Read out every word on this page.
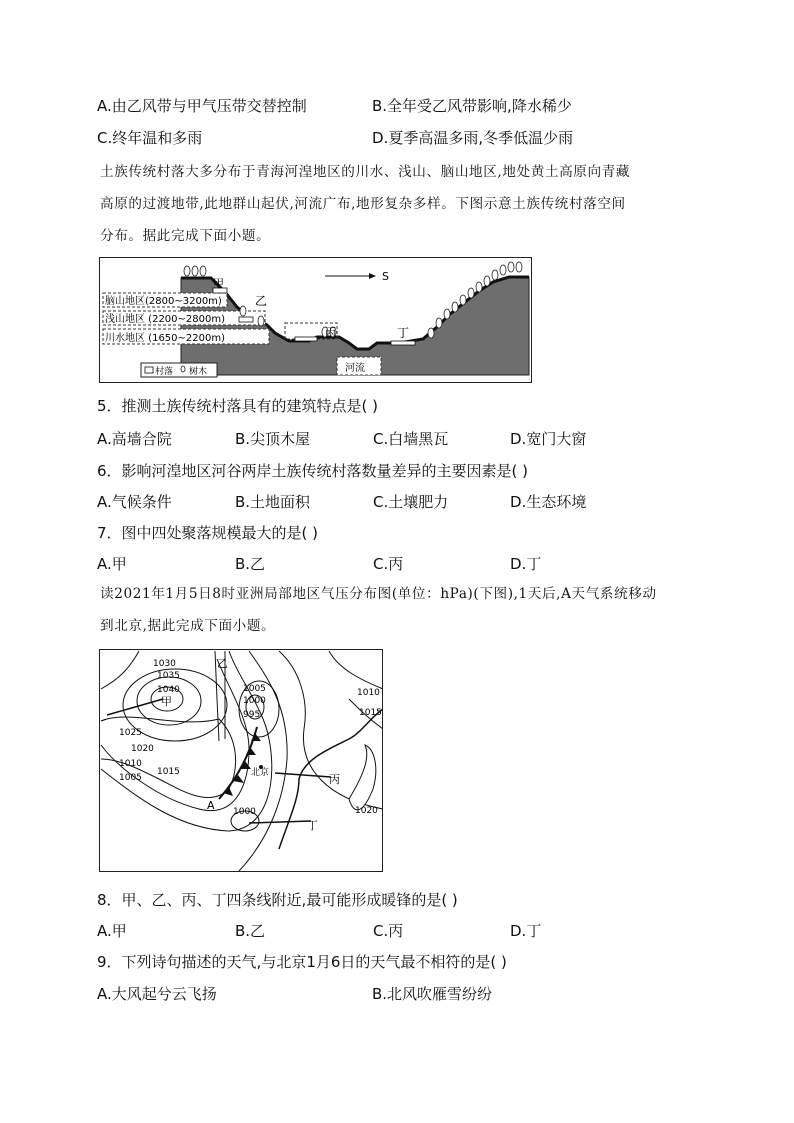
A.由乙风带与甲气压带交替控制	B.全年受乙风带影响,降水稀少
C.终年温和多雨	D.夏季高温多雨,冬季低温少雨
土族传统村落大多分布于青海河湟地区的川水、浅山、脑山地区,地处黄土高原向青藏
高原的过渡地带,此地群山起伏,河流广布,地形复杂多样。下图示意土族传统村落空间
分布。据此完成下面小题。
脑山地区(2800~3200m)
浅山地区 (2200~2800m)
川水地区 (1650~2200m)
甲
乙
丙	丁
S
河流
村落 树木
5．推测土族传统村落具有的建筑特点是( )
A.高墙合院	B.尖顶木屋	C.白墙黑瓦	D.宽门大窗
6．影响河湟地区河谷两岸土族传统村落数量差异的主要因素是( )
A.气候条件	B.土地面积	C.土壤肥力	D.生态环境
7．图中四处聚落规模最大的是( )
A.甲	B.乙	C.丙	D.丁
读2021年1月5日8时亚洲局部地区气压分布图(单位：hPa)(下图),1天后,A天气系统移动
到北京,据此完成下面小题。
1030
1035
1040
1025
1020
1010
1005
1015
1005
1000
995
1010
1015
1020
1000
甲
乙
丙
丁
A
北京
8．甲、乙、丙、丁四条线附近,最可能形成暖锋的是( )
A.甲	B.乙	C.丙	D.丁
9．下列诗句描述的天气,与北京1月6日的天气最不相符的是( )
A.大风起兮云飞扬	B.北风吹雁雪纷纷
